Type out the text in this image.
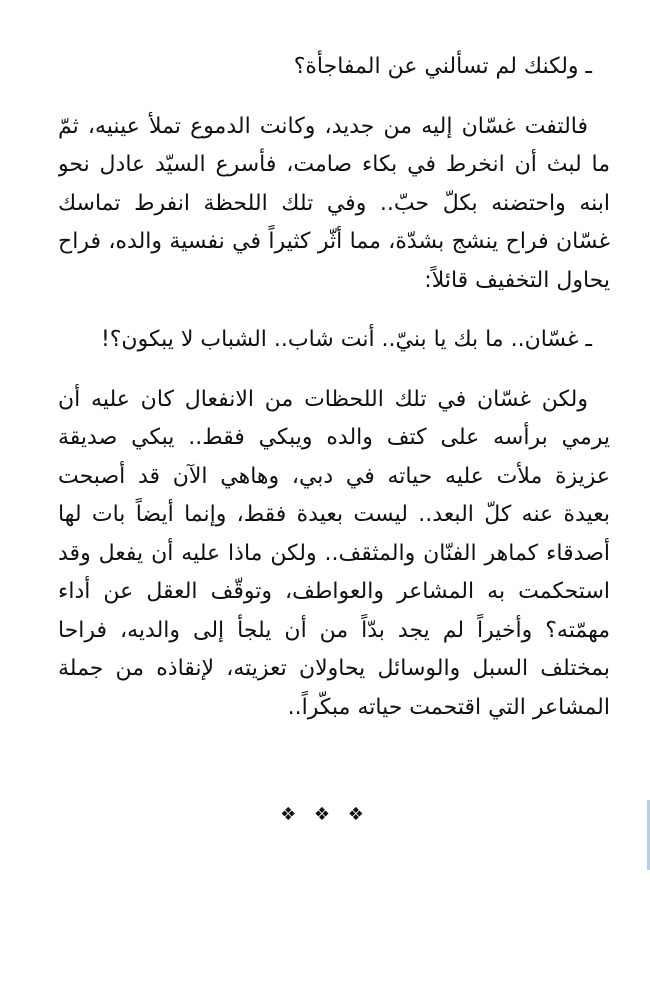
ـ ولكنك لم تسألني عن المفاجأة؟
فالتفت غسّان إليه من جديد، وكانت الدموع تملأ عينيه، ثمّ
ما لبث أن انخرط في بكاء صامت، فأسرع السيّد عادل نحو
ابنه واحتضنه بكلّ حبّ.. وفي تلك اللحظة انفرط تماسك
غسّان فراح ينشج بشدّة، مما أثّر كثيراً في نفسية والده، فراح
يحاول التخفيف قائلاً:
ـ غسّان.. ما بك يا بنيّ.. أنت شاب.. الشباب لا يبكون؟!
ولكن غسّان في تلك اللحظات من الانفعال كان عليه أن
يرمي برأسه على كتف والده ويبكي فقط.. يبكي صديقة
عزيزة ملأت عليه حياته في دبي، وهاهي الآن قد أصبحت
بعيدة عنه كلّ البعد.. ليست بعيدة فقط، وإنما أيضاً بات لها
أصدقاء كماهر الفنّان والمثقف.. ولكن ماذا عليه أن يفعل وقد
استحكمت به المشاعر والعواطف، وتوقّف العقل عن أداء
مهمّته؟ وأخيراً لم يجد بدّاً من أن يلجأ إلى والديه، فراحا
بمختلف السبل والوسائل يحاولان تعزيته، لإنقاذه من جملة
المشاعر التي اقتحمت حياته مبكّراً..
❖ ❖ ❖
